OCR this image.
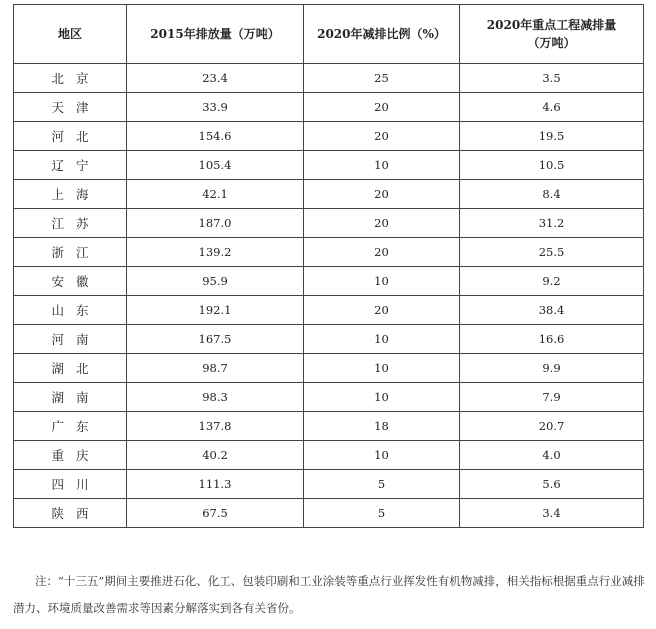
地区	2015年排放量（万吨）	2020年减排比例（%）	2020年重点工程减排量
（万吨）
北京	23.4	25	3.5
天津	33.9	20	4.6
河北	154.6	20	19.5
辽宁	105.4	10	10.5
上海	42.1	20	8.4
江苏	187.0	20	31.2
浙江	139.2	20	25.5
安徽	95.9	10	9.2
山东	192.1	20	38.4
河南	167.5	10	16.6
湖北	98.7	10	9.9
湖南	98.3	10	7.9
广东	137.8	18	20.7
重庆	40.2	10	4.0
四川	111.3	5	5.6
陕西	67.5	5	3.4
注：“十三五”期间主要推进石化、化工、包装印刷和工业涂装等重点行业挥发性有机物减排，相关指标根据重点行业减排潜力、环境质量改善需求等因素分解落实到各有关省份。
